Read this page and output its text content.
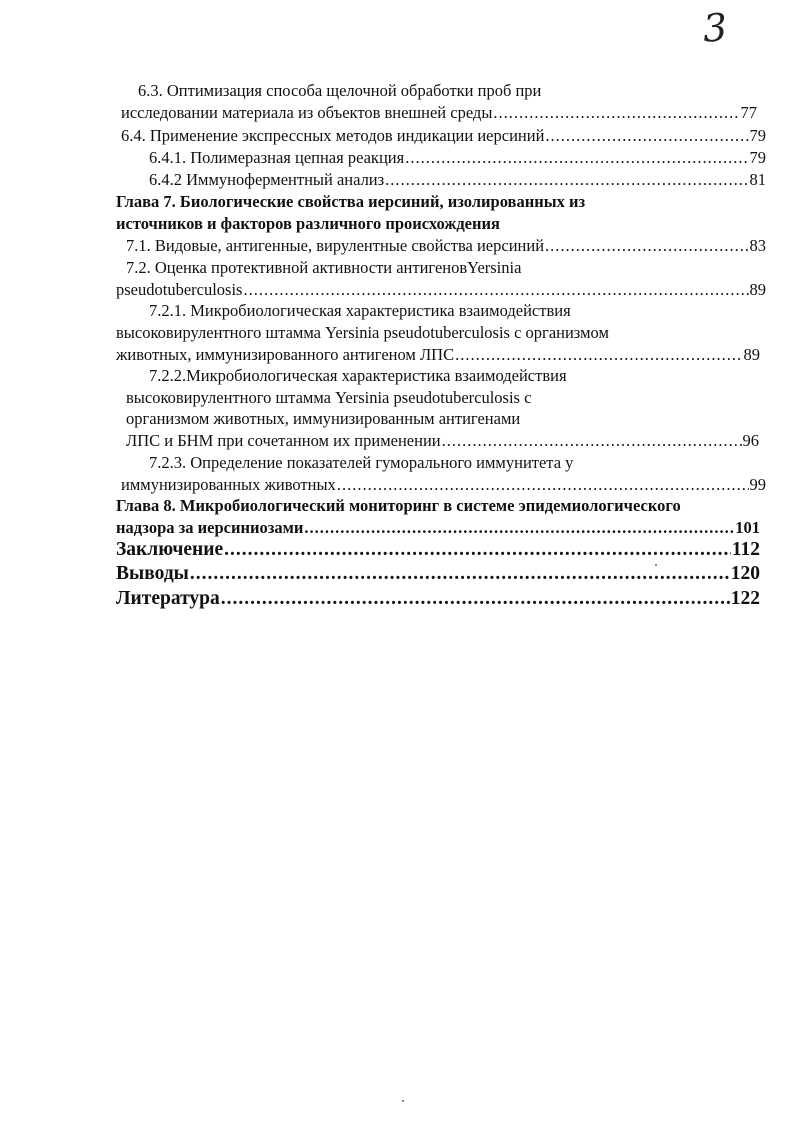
3
6.3. Оптимизация способа щелочной обработки проб при
исследовании материала из объектов внешней среды .....	77
6.4. Применение экспрессных методов индикации иерсиний .....	79
6.4.1. Полимеразная цепная реакция .....	79
6.4.2 Иммуноферментный анализ .....	81
Глава 7. Биологические свойства иерсиний, изолированных из
источников и факторов различного происхождения
7.1. Видовые, антигенные, вирулентные свойства иерсиний .....	83
7.2. Оценка протективной активности антигеновYersinia
pseudotuberculosis .....	89
7.2.1. Микробиологическая характеристика взаимодействия
высоковирулентного штамма Yersinia pseudotuberculosis с организмом
животных, иммунизированного антигеном ЛПС .....	89
7.2.2.Микробиологическая характеристика взаимодействия
высоковирулентного штамма Yersinia pseudotuberculosis с
организмом животных, иммунизированным антигенами
ЛПС и БНМ при сочетанном их применении .....	96
7.2.3. Определение показателей гуморального иммунитета у
иммунизированных животных .....	99
Глава 8. Микробиологический мониторинг в системе эпидемиологического
надзора за иерсиниозами .....	101
Заключение .....	112
Выводы .....	120
Литература .....	122
